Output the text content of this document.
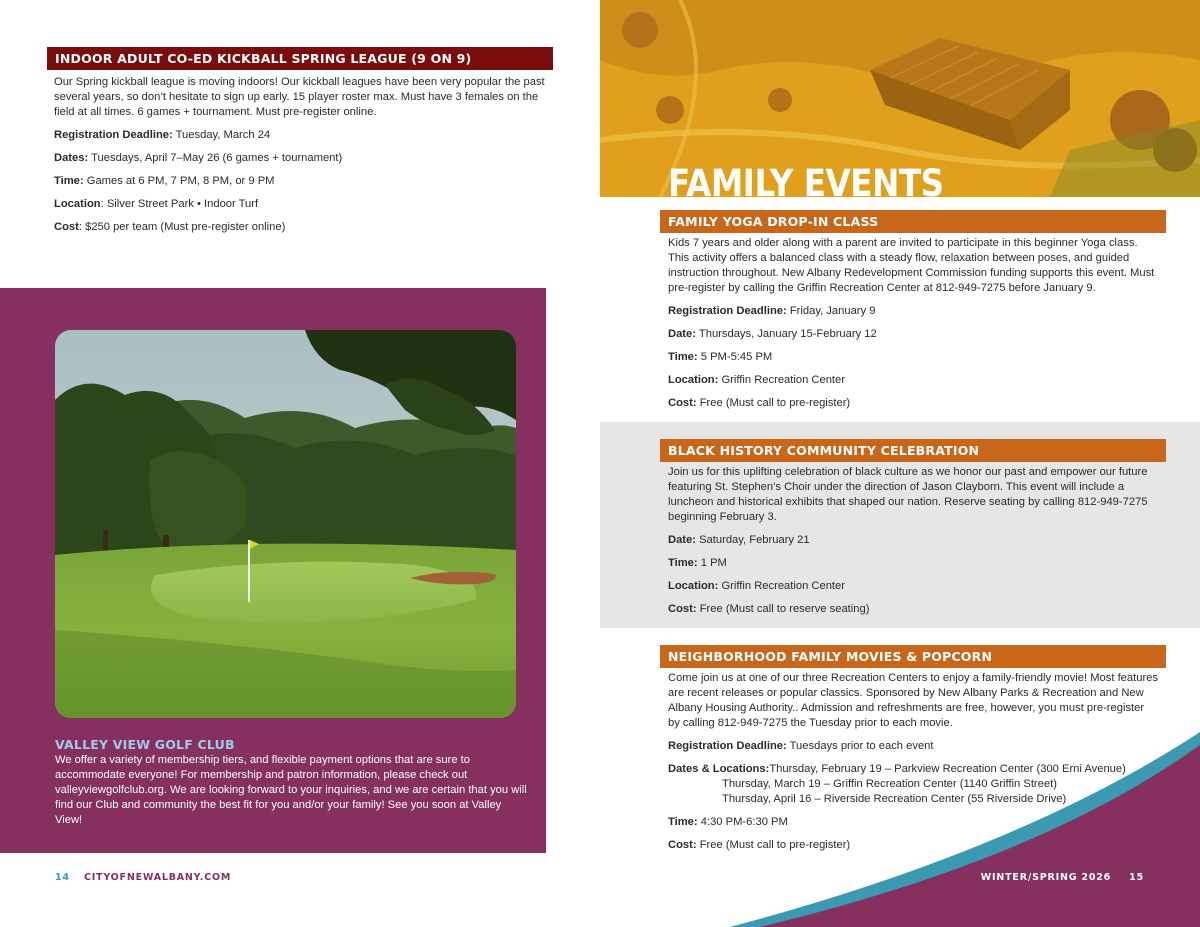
INDOOR ADULT CO-ED KICKBALL SPRING LEAGUE (9 ON 9)

Our Spring kickball league is moving indoors! Our kickball leagues have been very popular the past several years, so don’t hesitate to sign up early. 15 player roster max. Must have 3 females on the field at all times. 6 games + tournament. Must pre-register online.

Registration Deadline: Tuesday, March 24

Dates: Tuesdays, April 7–May 26 (6 games + tournament)

Time: Games at 6 PM, 7 PM, 8 PM, or 9 PM

Location: Silver Street Park • Indoor Turf

Cost: $250 per team (Must pre-register online)

VALLEY VIEW GOLF CLUB

We offer a variety of membership tiers, and flexible payment options that are sure to accommodate everyone! For membership and patron information, please check out valleyviewgolfclub.org. We are looking forward to your inquiries, and we are certain that you will find our Club and community the best fit for you and/or your family! See you soon at Valley View!

14 CITYOFNEWALBANY.COM
FAMILY EVENTS
FAMILY YOGA DROP-IN CLASS

Kids 7 years and older along with a parent are invited to participate in this beginner Yoga class. This activity offers a balanced class with a steady flow, relaxation between poses, and guided instruction throughout. New Albany Redevelopment Commission funding supports this event. Must pre-register by calling the Griffin Recreation Center at 812-949-7275 before January 9.

Registration Deadline: Friday, January 9

Date: Thursdays, January 15-February 12

Time: 5 PM-5:45 PM

Location: Griffin Recreation Center

Cost: Free (Must call to pre-register)

BLACK HISTORY COMMUNITY CELEBRATION

Join us for this uplifting celebration of black culture as we honor our past and empower our future featuring St. Stephen’s Choir under the direction of Jason Clayborn. This event will include a luncheon and historical exhibits that shaped our nation. Reserve seating by calling 812-949-7275 beginning February 3.

Date: Saturday, February 21

Time: 1 PM

Location: Griffin Recreation Center

Cost: Free (Must call to reserve seating)

NEIGHBORHOOD FAMILY MOVIES & POPCORN

Come join us at one of our three Recreation Centers to enjoy a family-friendly movie! Most features are recent releases or popular classics. Sponsored by New Albany Parks & Recreation and New Albany Housing Authority.. Admission and refreshments are free, however, you must pre-register by calling 812-949-7275 the Tuesday prior to each movie.

Registration Deadline: Tuesdays prior to each event

Dates & Locations:Thursday, February 19 – Parkview Recreation Center (300 Erni Avenue)
Thursday, March 19 – Griffin Recreation Center (1140 Griffin Street)
Thursday, April 16 – Riverside Recreation Center (55 Riverside Drive)

Time: 4:30 PM-6:30 PM

Cost: Free (Must call to pre-register)

WINTER/SPRING 2026 15
